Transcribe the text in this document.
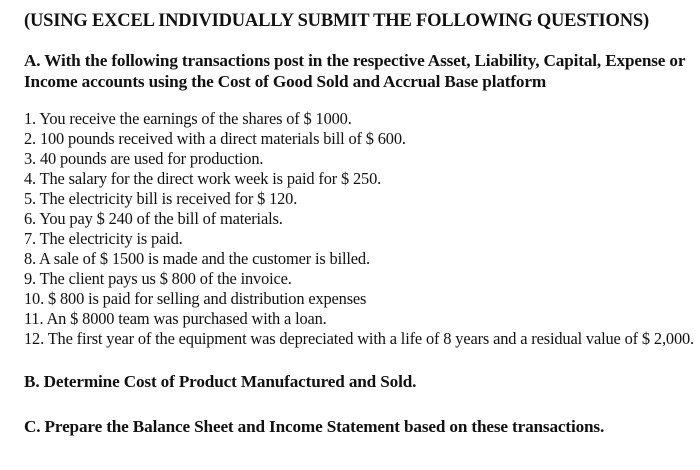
(USING EXCEL INDIVIDUALLY SUBMIT THE FOLLOWING QUESTIONS)

A. With the following transactions post in the respective Asset, Liability, Capital, Expense or Income accounts using the Cost of Good Sold and Accrual Base platform
1. You receive the earnings of the shares of $ 1000.
2. 100 pounds received with a direct materials bill of $ 600.
3. 40 pounds are used for production.
4. The salary for the direct work week is paid for $ 250.
5. The electricity bill is received for $ 120.
6. You pay $ 240 of the bill of materials.
7. The electricity is paid.
8. A sale of $ 1500 is made and the customer is billed.
9. The client pays us $ 800 of the invoice.
10. $ 800 is paid for selling and distribution expenses
11. An $ 8000 team was purchased with a loan.
12. The first year of the equipment was depreciated with a life of 8 years and a residual value of $ 2,000.
B. Determine Cost of Product Manufactured and Sold.
C. Prepare the Balance Sheet and Income Statement based on these transactions.
